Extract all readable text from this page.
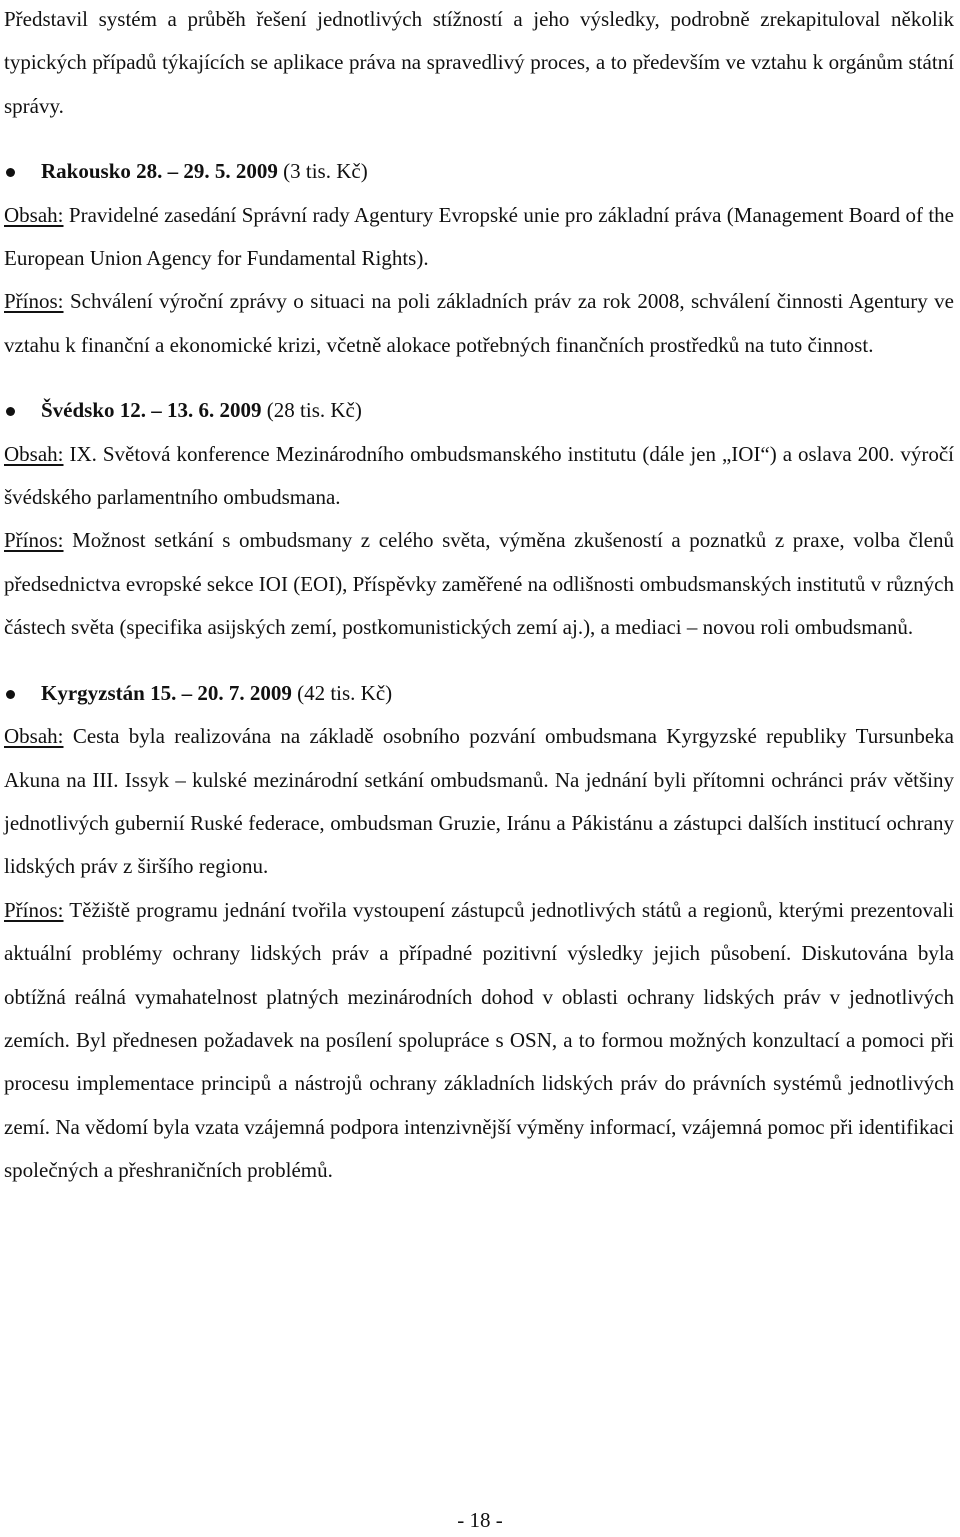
Představil systém a průběh řešení jednotlivých stížností a jeho výsledky, podrobně zrekapituloval několik typických případů týkajících se aplikace práva na spravedlivý proces, a to především ve vztahu k orgánům státní správy.

Rakousko 28. – 29. 5. 2009 (3 tis. Kč)

Obsah: Pravidelné zasedání Správní rady Agentury Evropské unie pro základní práva (Management Board of the European Union Agency for Fundamental Rights).

Přínos: Schválení výroční zprávy o situaci na poli základních práv za rok 2008, schválení činnosti Agentury ve vztahu k finanční a ekonomické krizi, včetně alokace potřebných finančních prostředků na tuto činnost.

Švédsko 12. – 13. 6. 2009 (28 tis. Kč)

Obsah: IX. Světová konference Mezinárodního ombudsmanského institutu (dále jen „IOI“) a oslava 200. výročí švédského parlamentního ombudsmana.

Přínos: Možnost setkání s ombudsmany z celého světa, výměna zkušeností a poznatků z praxe, volba členů předsednictva evropské sekce IOI (EOI), Příspěvky zaměřené na odlišnosti ombudsmanských institutů v různých částech světa (specifika asijských zemí, postkomunistických zemí aj.), a mediaci – novou roli ombudsmanů.

Kyrgyzstán 15. – 20. 7. 2009 (42 tis. Kč)

Obsah: Cesta byla realizována na základě osobního pozvání ombudsmana Kyrgyzské republiky Tursunbeka Akuna na III. Issyk – kulské mezinárodní setkání ombudsmanů. Na jednání byli přítomni ochránci práv většiny jednotlivých gubernií Ruské federace, ombudsman Gruzie, Iránu a Pákistánu a zástupci dalších institucí ochrany lidských práv z širšího regionu.

Přínos: Těžiště programu jednání tvořila vystoupení zástupců jednotlivých států a regionů, kterými prezentovali aktuální problémy ochrany lidských práv a případné pozitivní výsledky jejich působení. Diskutována byla obtížná reálná vymahatelnost platných mezinárodních dohod v oblasti ochrany lidských práv v jednotlivých zemích. Byl přednesen požadavek na posílení spolupráce s OSN, a to formou možných konzultací a pomoci při procesu implementace principů a nástrojů ochrany základních lidských práv do právních systémů jednotlivých zemí. Na vědomí byla vzata vzájemná podpora intenzivnější výměny informací, vzájemná pomoc při identifikaci společných a přeshraničních problémů.

- 18 -
